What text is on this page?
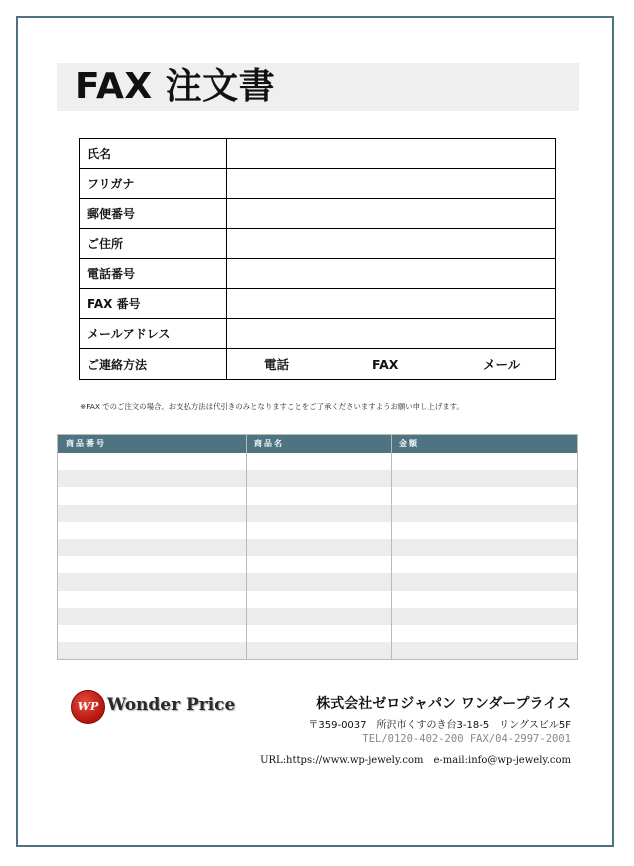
FAX 注文書
氏名	
フリガナ	
郵便番号	
ご住所	
電話番号	
FAX 番号	
メールアドレス	
ご連絡方法	電話 FAX メール
※FAX でのご注文の場合、お支払方法は代引きのみとなりますことをご了承くださいますようお願い申し上げます。
商品番号	商品名	金額
WP Wonder Price	株式会社ゼロジャパン ワンダープライス
〒359-0037　所沢市くすのき台3-18-5　リングスビル5F
TEL/0120-402-200 FAX/04-2997-2001
URL:https://www.wp-jewely.com　e-mail:info@wp-jewely.com
